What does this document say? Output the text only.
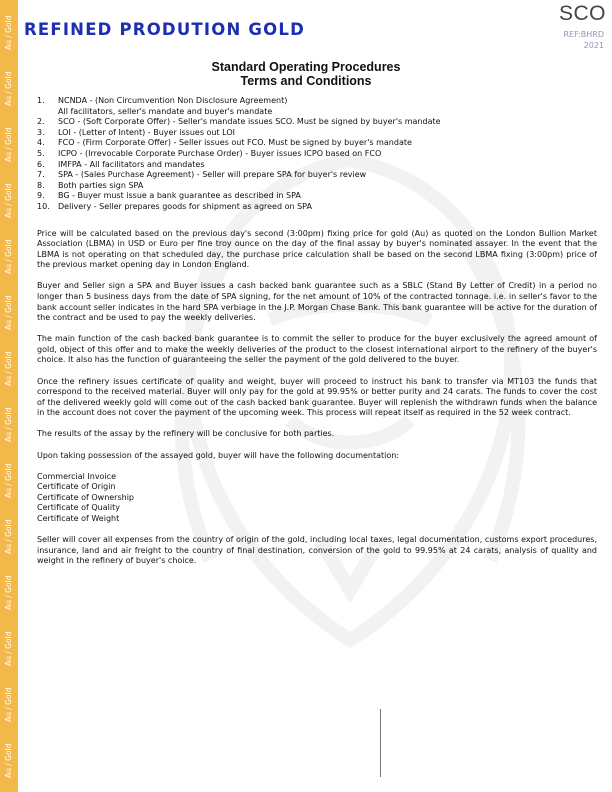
Au / Gold
Au / Gold
Au / Gold
Au / Gold
Au / Gold
Au / Gold
Au / Gold
Au / Gold
Au / Gold
Au / Gold
Au / Gold
Au / Gold
Au / Gold
Au / Gold
REFINED PRODUTION GOLD
SCO
REF:BHRD
2021
Standard Operating Procedures
Terms and Conditions
1. NCNDA - (Non Circumvention Non Disclosure Agreement)
All facilitators, seller's mandate and buyer's mandate
2. SCO - (Soft Corporate Offer) - Seller's mandate issues SCO. Must be signed by buyer's mandate
3. LOI - (Letter of Intent) - Buyer issues out LOI
4. FCO - (Firm Corporate Offer) - Seller issues out FCO. Must be signed by buyer's mandate
5. ICPO - (Irrevocable Corporate Purchase Order) - Buyer issues ICPO based on FCO
6. IMFPA - All facilitators and mandates
7. SPA - (Sales Purchase Agreement) - Seller will prepare SPA for buyer's review
8. Both parties sign SPA
9. BG - Buyer must issue a bank guarantee as described in SPA
10. Delivery - Seller prepares goods for shipment as agreed on SPA

Price will be calculated based on the previous day's second (3:00pm) fixing price for gold (Au) as quoted on the London Bullion Market Association (LBMA) in USD or Euro per fine troy ounce on the day of the final assay by buyer's nominated assayer. In the event that the LBMA is not operating on that scheduled day, the purchase price calculation shall be based on the second LBMA fixing (3:00pm) price of the previous market opening day in London England.

Buyer and Seller sign a SPA and Buyer issues a cash backed bank guarantee such as a SBLC (Stand By Letter of Credit) in a period no longer than 5 business days from the date of SPA signing, for the net amount of 10% of the contracted tonnage. i.e. in seller's favor to the bank account seller indicates in the hard SPA verbiage in the J.P. Morgan Chase Bank. This bank guarantee will be active for the duration of the contract and be used to pay the weekly deliveries.

The main function of the cash backed bank guarantee is to commit the seller to produce for the buyer exclusively the agreed amount of gold, object of this offer and to make the weekly deliveries of the product to the closest international airport to the refinery of the buyer's choice. It also has the function of guaranteeing the seller the payment of the gold delivered to the buyer.

Once the refinery issues certificate of quality and weight, buyer will proceed to instruct his bank to transfer via MT103 the funds that correspond to the received material. Buyer will only pay for the gold at 99.95% or better purity and 24 carats. The funds to cover the cost of the delivered weekly gold will come out of the cash backed bank guarantee. Buyer will replenish the withdrawn funds when the balance in the account does not cover the payment of the upcoming week. This process will repeat itself as required in the 52 week contract.

The results of the assay by the refinery will be conclusive for both parties.

Upon taking possession of the assayed gold, buyer will have the following documentation:

Commercial Invoice
Certificate of Origin
Certificate of Ownership
Certificate of Quality
Certificate of Weight

Seller will cover all expenses from the country of origin of the gold, including local taxes, legal documentation, customs export procedures, insurance, land and air freight to the country of final destination, conversion of the gold to 99.95% at 24 carats, analysis of quality and weight in the refinery of buyer's choice.
